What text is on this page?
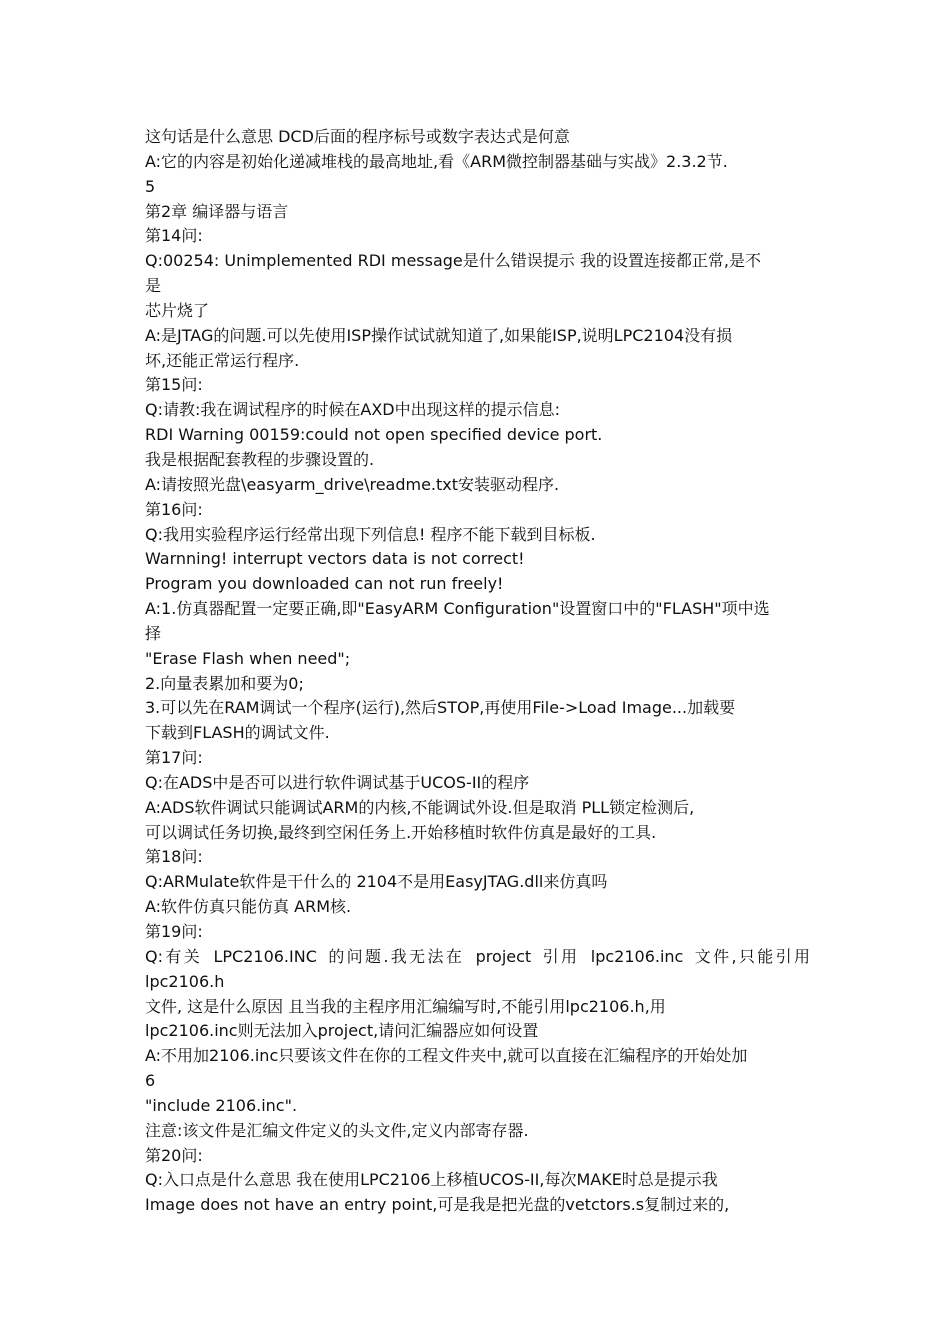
这句话是什么意思 DCD后面的程序标号或数字表达式是何意
A:它的内容是初始化递减堆栈的最高地址,看《ARM微控制器基础与实战》2.3.2节.
5
第2章 编译器与语言
第14问:
Q:00254: Unimplemented RDI message是什么错误提示 我的设置连接都正常,是不
是
芯片烧了
A:是JTAG的问题.可以先使用ISP操作试试就知道了,如果能ISP,说明LPC2104没有损
坏,还能正常运行程序.
第15问:
Q:请教:我在调试程序的时候在AXD中出现这样的提示信息:
RDI Warning 00159:could not open specified device port.
我是根据配套教程的步骤设置的.
A:请按照光盘\easyarm_drive\readme.txt安装驱动程序.
第16问:
Q:我用实验程序运行经常出现下列信息! 程序不能下载到目标板.
Warnning! interrupt vectors data is not correct!
Program you downloaded can not run freely!
A:1.仿真器配置一定要正确,即"EasyARM Configuration"设置窗口中的"FLASH"项中选
择
"Erase Flash when need";
2.向量表累加和要为0;
3.可以先在RAM调试一个程序(运行),然后STOP,再使用File->Load Image...加载要
下载到FLASH的调试文件.
第17问:
Q:在ADS中是否可以进行软件调试基于UCOS-II的程序
A:ADS软件调试只能调试ARM的内核,不能调试外设.但是取消 PLL锁定检测后,
可以调试任务切换,最终到空闲任务上.开始移植时软件仿真是最好的工具.
第18问:
Q:ARMulate软件是干什么的 2104不是用EasyJTAG.dll来仿真吗
A:软件仿真只能仿真 ARM核.
第19问:
Q:有关 LPC2106.INC 的问题.我无法在 project 引用 lpc2106.inc 文件,只能引用
lpc2106.h
文件, 这是什么原因 且当我的主程序用汇编编写时,不能引用lpc2106.h,用
lpc2106.inc则无法加入project,请问汇编器应如何设置
A:不用加2106.inc只要该文件在你的工程文件夹中,就可以直接在汇编程序的开始处加
6
"include 2106.inc".
注意:该文件是汇编文件定义的头文件,定义内部寄存器.
第20问:
Q:入口点是什么意思 我在使用LPC2106上移植UCOS-II,每次MAKE时总是提示我
Image does not have an entry point,可是我是把光盘的vetctors.s复制过来的,
